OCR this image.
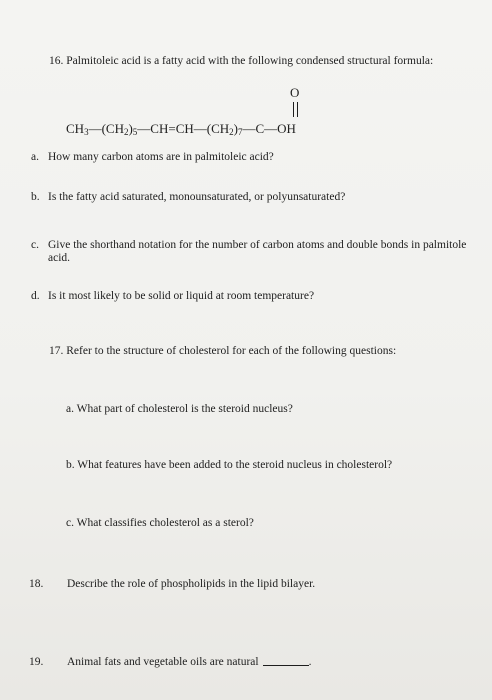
16. Palmitoleic acid is a fatty acid with the following condensed structural formula:
O
$CH_3—(CH_2)_5—CH=CH—(CH_2)_7—C—OH$
a. How many carbon atoms are in palmitoleic acid?
b. Is the fatty acid saturated, monounsaturated, or polyunsaturated?
c. Give the shorthand notation for the number of carbon atoms and double bonds in palmitole
acid.
d. Is it most likely to be solid or liquid at room temperature?
17. Refer to the structure of cholesterol for each of the following questions:
a. What part of cholesterol is the steroid nucleus?
b. What features have been added to the steroid nucleus in cholesterol?
c. What classifies cholesterol as a sterol?
18. Describe the role of phospholipids in the lipid bilayer.
19. Animal fats and vegetable oils are natural	.
